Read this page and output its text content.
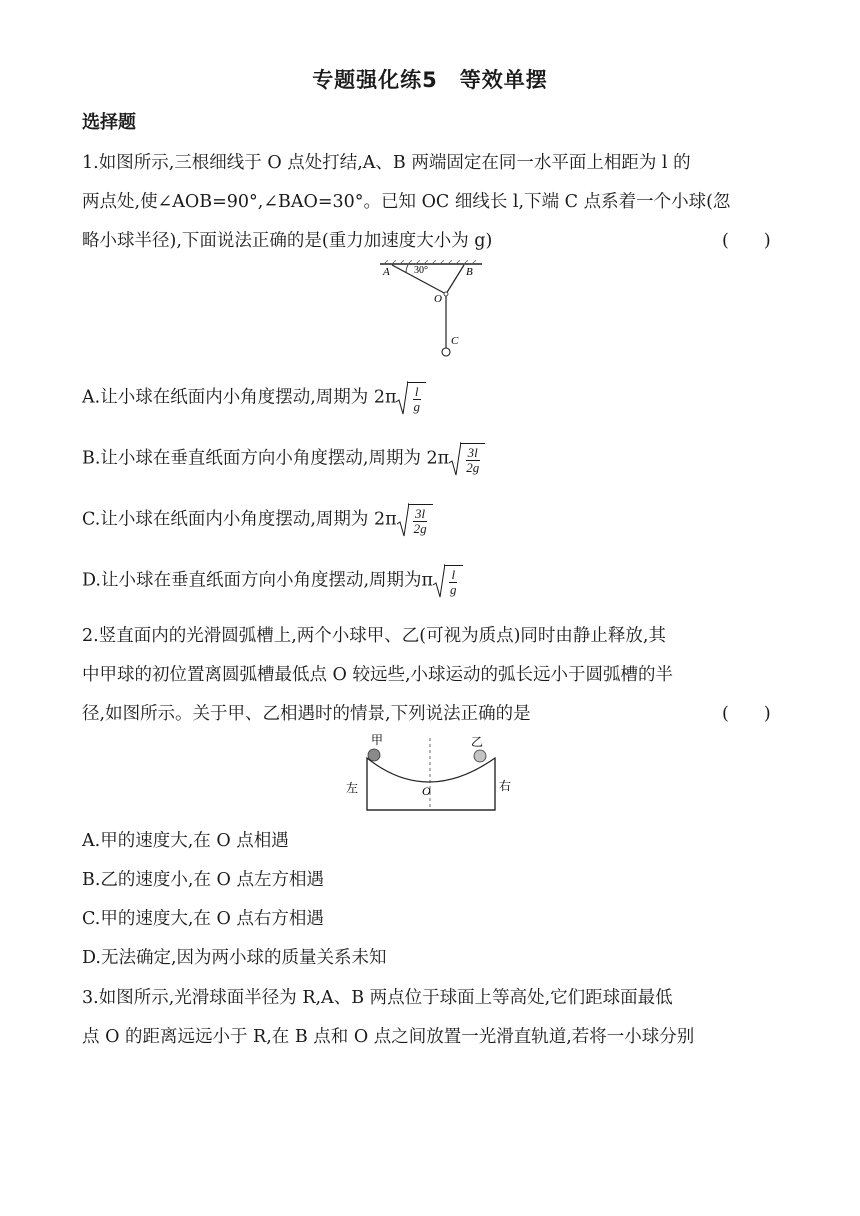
专题强化练5　等效单摆
选择题
1.如图所示,三根细线于 O 点处打结,A、B 两端固定在同一水平面上相距为 l 的
两点处,使∠AOB=90°,∠BAO=30°。已知 OC 细线长 l,下端 C 点系着一个小球(忽
略小球半径),下面说法正确的是(重力加速度大小为 g)	(　　)
A 30°	B
O
C
A.让小球在纸面内小角度摆动,周期为 $2\pi \frac{l}{g}$
B.让小球在垂直纸面方向小角度摆动,周期为 $2\pi \frac{3l}{2g}$
C.让小球在纸面内小角度摆动,周期为 $2\pi \frac{3l}{2g}$
D.让小球在垂直纸面方向小角度摆动,周期为π $\frac{l}{g}$
2.竖直面内的光滑圆弧槽上,两个小球甲、乙(可视为质点)同时由静止释放,其
中甲球的初位置离圆弧槽最低点 O 较远些,小球运动的弧长远小于圆弧槽的半
径,如图所示。关于甲、乙相遇时的情景,下列说法正确的是	(　　)
甲	乙
左	右
O
A.甲的速度大,在 O 点相遇
B.乙的速度小,在 O 点左方相遇
C.甲的速度大,在 O 点右方相遇
D.无法确定,因为两小球的质量关系未知
3.如图所示,光滑球面半径为 R,A、B 两点位于球面上等高处,它们距球面最低
点 O 的距离远远小于 R,在 B 点和 O 点之间放置一光滑直轨道,若将一小球分别
